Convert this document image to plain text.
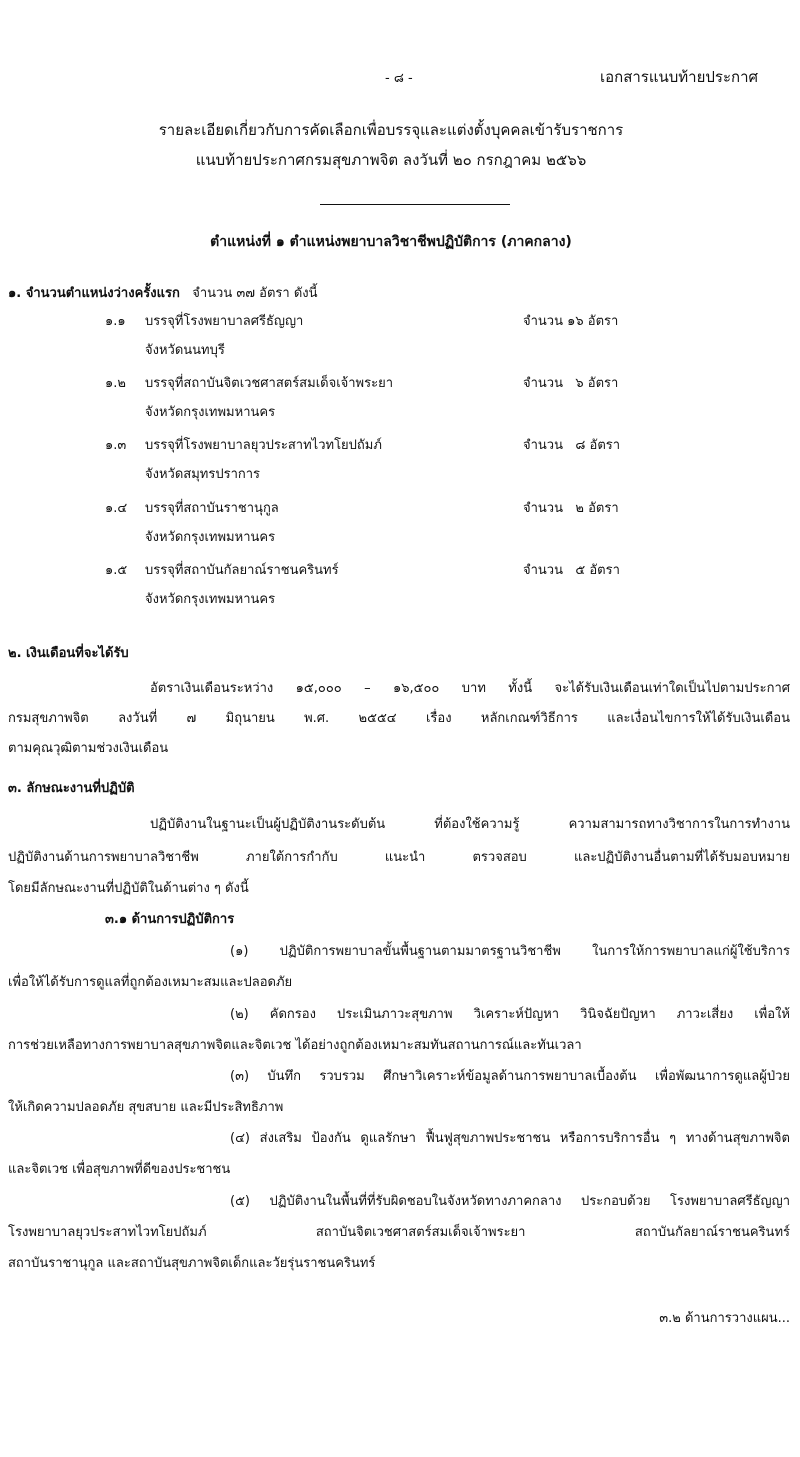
- ๘ -	เอกสารแนบท้ายประกาศ
รายละเอียดเกี่ยวกับการคัดเลือกเพื่อบรรจุและแต่งตั้งบุคคลเข้ารับราชการ
แนบท้ายประกาศกรมสุขภาพจิต ลงวันที่ ๒๐ กรกฎาคม ๒๕๖๖
ตำแหน่งที่ ๑ ตำแหน่งพยาบาลวิชาชีพปฏิบัติการ (ภาคกลาง)
๑. จำนวนตำแหน่งว่างครั้งแรก จำนวน ๓๗ อัตรา ดังนี้
๑.๑ บรรจุที่โรงพยาบาลศรีธัญญา	จำนวน ๑๖ อัตรา
จังหวัดนนทบุรี
๑.๒ บรรจุที่สถาบันจิตเวชศาสตร์สมเด็จเจ้าพระยา	จำนวน   ๖ อัตรา
จังหวัดกรุงเทพมหานคร
๑.๓ บรรจุที่โรงพยาบาลยุวประสาทไวทโยปถัมภ์	จำนวน   ๘ อัตรา
จังหวัดสมุทรปราการ
๑.๔ บรรจุที่สถาบันราชานุกูล	จำนวน   ๒ อัตรา
จังหวัดกรุงเทพมหานคร
๑.๕ บรรจุที่สถาบันกัลยาณ์ราชนครินทร์	จำนวน   ๕ อัตรา
จังหวัดกรุงเทพมหานคร
๒. เงินเดือนที่จะได้รับ
อัตราเงินเดือนระหว่าง ๑๕,๐๐๐ – ๑๖,๕๐๐ บาท ทั้งนี้ จะได้รับเงินเดือนเท่าใดเป็นไปตามประกาศ
กรมสุขภาพจิต ลงวันที่ ๗ มิถุนายน พ.ศ. ๒๕๕๔ เรื่อง หลักเกณฑ์วิธีการ และเงื่อนไขการให้ได้รับเงินเดือน
ตามคุณวุฒิตามช่วงเงินเดือน
๓. ลักษณะงานที่ปฏิบัติ
ปฏิบัติงานในฐานะเป็นผู้ปฏิบัติงานระดับต้น ที่ต้องใช้ความรู้ ความสามารถทางวิชาการในการทำงาน
ปฏิบัติงานด้านการพยาบาลวิชาชีพ ภายใต้การกำกับ แนะนำ ตรวจสอบ และปฏิบัติงานอื่นตามที่ได้รับมอบหมาย
โดยมีลักษณะงานที่ปฏิบัติในด้านต่าง ๆ ดังนี้
๓.๑ ด้านการปฏิบัติการ
(๑) ปฏิบัติการพยาบาลขั้นพื้นฐานตามมาตรฐานวิชาชีพ ในการให้การพยาบาลแก่ผู้ใช้บริการ
เพื่อให้ได้รับการดูแลที่ถูกต้องเหมาะสมและปลอดภัย
(๒) คัดกรอง ประเมินภาวะสุขภาพ วิเคราะห์ปัญหา วินิจฉัยปัญหา ภาวะเสี่ยง เพื่อให้
การช่วยเหลือทางการพยาบาลสุขภาพจิตและจิตเวช ได้อย่างถูกต้องเหมาะสมทันสถานการณ์และทันเวลา
(๓) บันทึก รวบรวม ศึกษาวิเคราะห์ข้อมูลด้านการพยาบาลเบื้องต้น เพื่อพัฒนาการดูแลผู้ป่วย
ให้เกิดความปลอดภัย สุขสบาย และมีประสิทธิภาพ
(๔) ส่งเสริม ป้องกัน ดูแลรักษา ฟื้นฟูสุขภาพประชาชน หรือการบริการอื่น ๆ ทางด้านสุขภาพจิต
และจิตเวช เพื่อสุขภาพที่ดีของประชาชน
(๕) ปฏิบัติงานในพื้นที่ที่รับผิดชอบในจังหวัดทางภาคกลาง ประกอบด้วย โรงพยาบาลศรีธัญญา
โรงพยาบาลยุวประสาทไวทโยปถัมภ์ สถาบันจิตเวชศาสตร์สมเด็จเจ้าพระยา สถาบันกัลยาณ์ราชนครินทร์
สถาบันราชานุกูล และสถาบันสุขภาพจิตเด็กและวัยรุ่นราชนครินทร์
๓.๒ ด้านการวางแผน...
